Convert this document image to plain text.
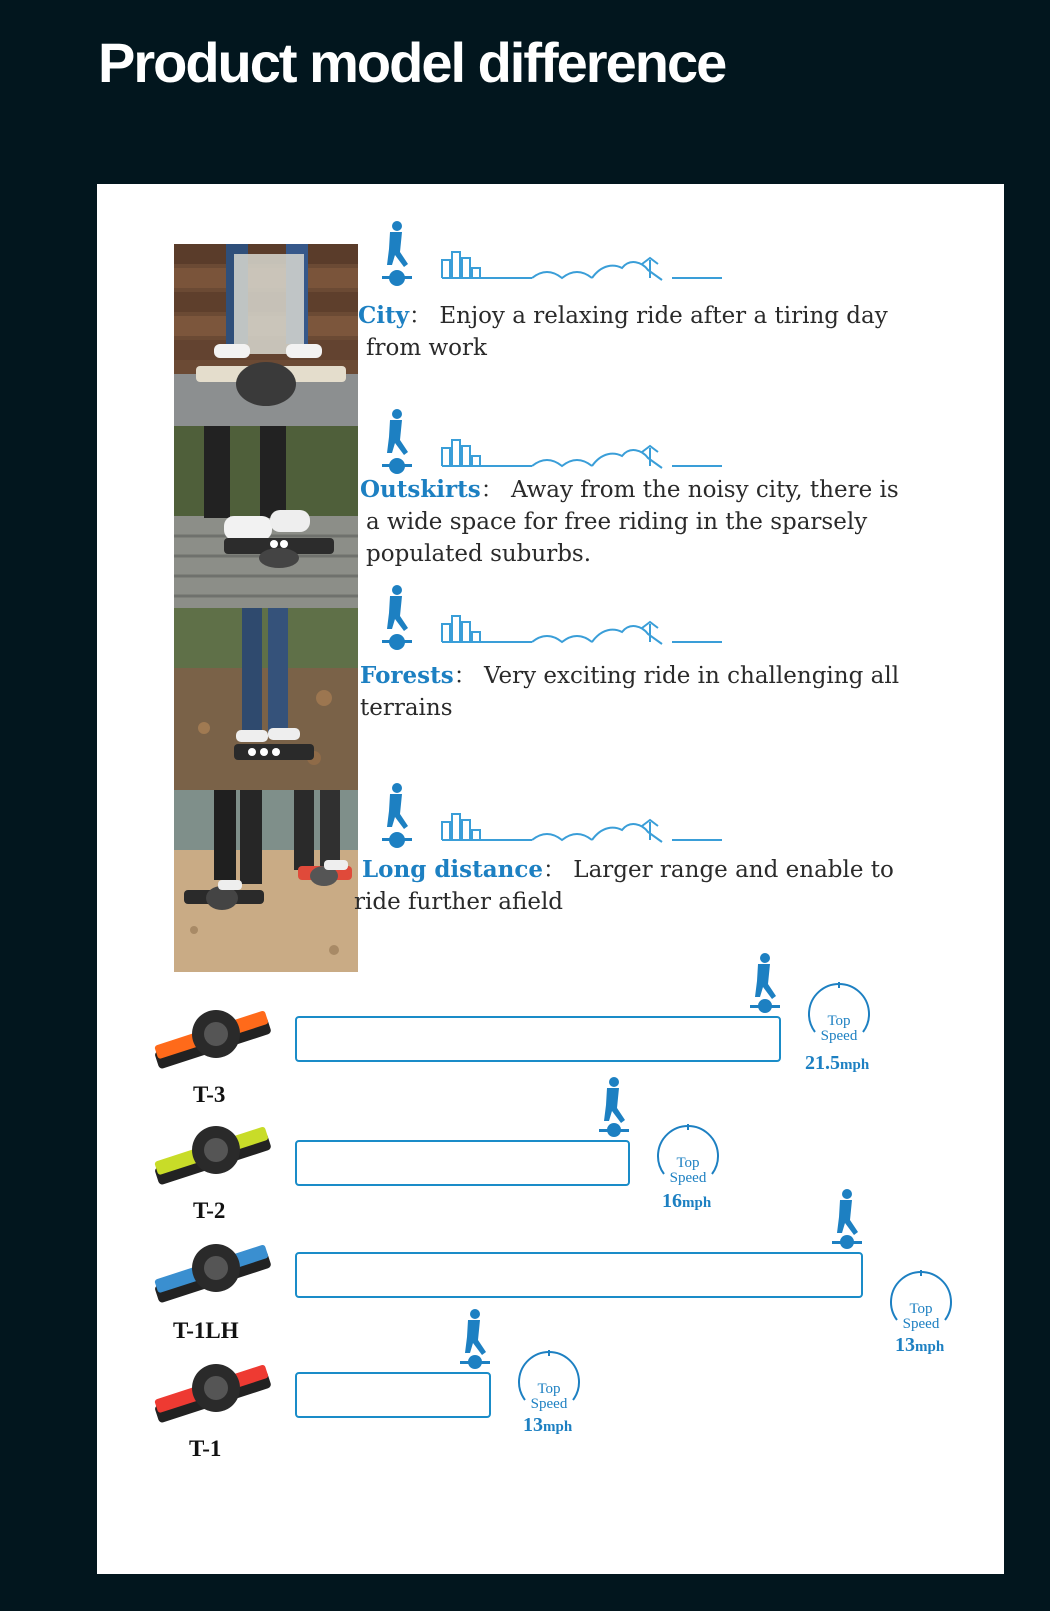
Product model difference
City： Enjoy a relaxing ride after a tiring day
from work
Outskirts： Away from the noisy city, there is
a wide space for free riding in the sparsely
populated suburbs.
Forests： Very exciting ride in challenging all
terrains
Long distance： Larger range and enable to
ride further afield
T-3
Top
Speed
21.5mph
T-2
Top
Speed
16mph
T-1LH
Top
Speed
13mph
T-1
Top
Speed
13mph
